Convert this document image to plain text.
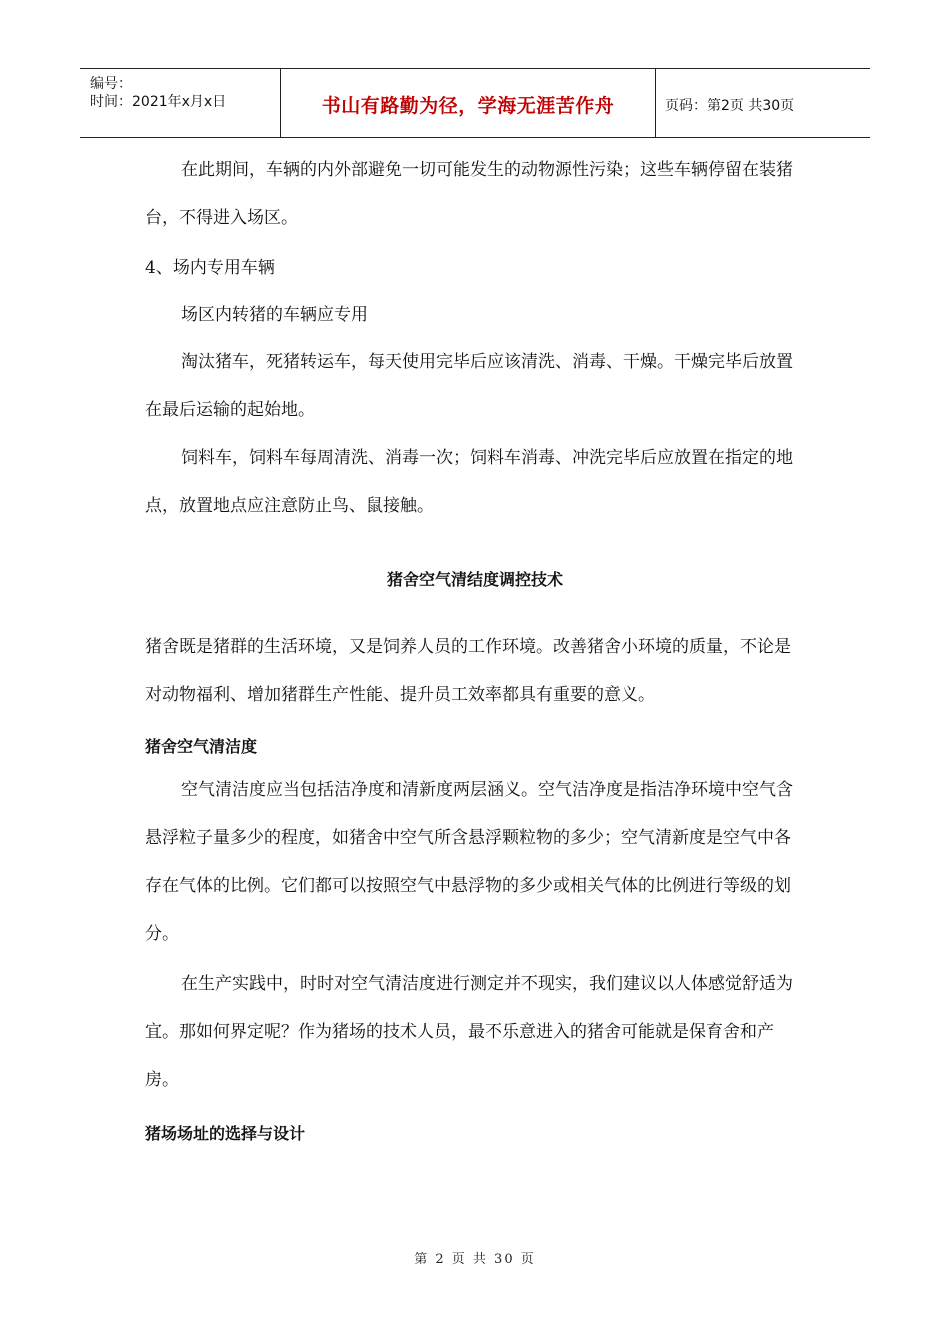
编号：
时间：2021年x月x日	书山有路勤为径，学海无涯苦作舟	页码：第2页 共30页

在此期间，车辆的内外部避免一切可能发生的动物源性污染；这些车辆停留在装猪台，不得进入场区。

4、场内专用车辆

场区内转猪的车辆应专用

淘汰猪车，死猪转运车，每天使用完毕后应该清洗、消毒、干燥。干燥完毕后放置在最后运输的起始地。

饲料车，饲料车每周清洗、消毒一次；饲料车消毒、冲洗完毕后应放置在指定的地点，放置地点应注意防止鸟、鼠接触。

猪舍空气清结度调控技术

猪舍既是猪群的生活环境，又是饲养人员的工作环境。改善猪舍小环境的质量，不论是对动物福利、增加猪群生产性能、提升员工效率都具有重要的意义。

猪舍空气清洁度

空气清洁度应当包括洁净度和清新度两层涵义。空气洁净度是指洁净环境中空气含悬浮粒子量多少的程度，如猪舍中空气所含悬浮颗粒物的多少；空气清新度是空气中各存在气体的比例。它们都可以按照空气中悬浮物的多少或相关气体的比例进行等级的划分。

在生产实践中，时时对空气清洁度进行测定并不现实，我们建议以人体感觉舒适为宜。那如何界定呢？作为猪场的技术人员，最不乐意进入的猪舍可能就是保育舍和产房。

猪场场址的选择与设计
第 2 页 共 30 页
